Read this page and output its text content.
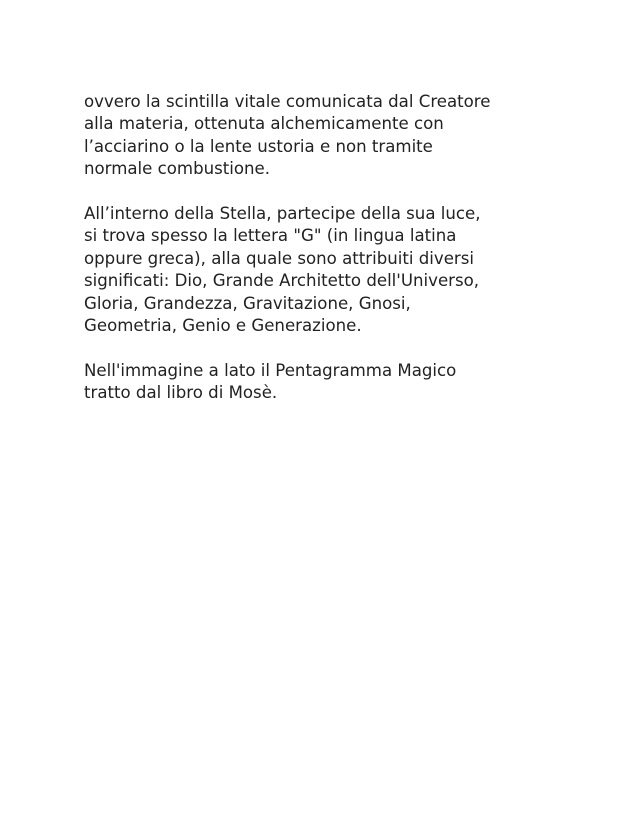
ovvero la scintilla vitale comunicata dal Creatore
alla materia, ottenuta alchemicamente con
l’acciarino o la lente ustoria e non tramite
normale combustione.

All’interno della Stella, partecipe della sua luce,
si trova spesso la lettera "G" (in lingua latina
oppure greca), alla quale sono attribuiti diversi
significati: Dio, Grande Architetto dell'Universo,
Gloria, Grandezza, Gravitazione, Gnosi,
Geometria, Genio e Generazione.

Nell'immagine a lato il Pentagramma Magico
tratto dal libro di Mosè.
